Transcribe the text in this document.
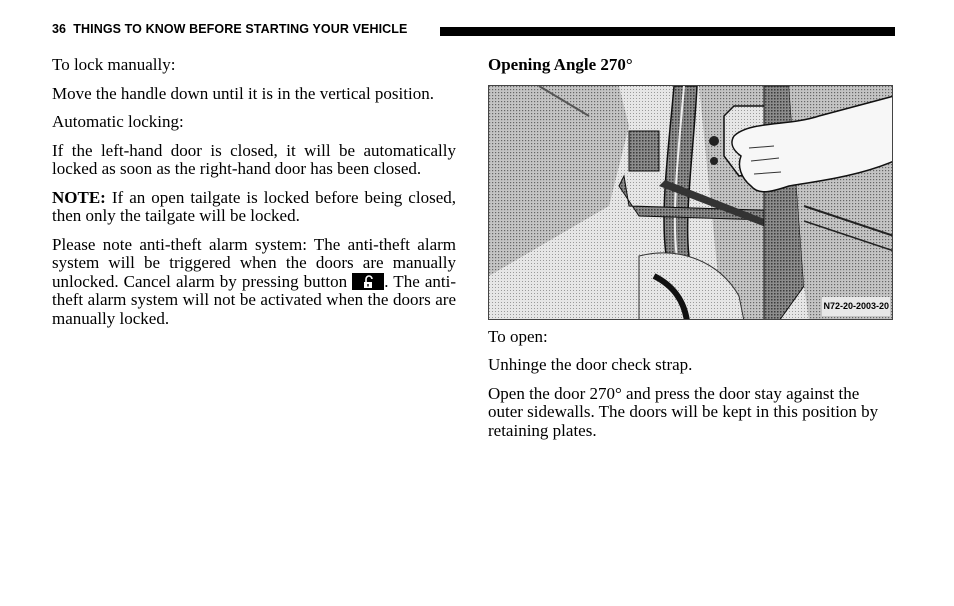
36 THINGS TO KNOW BEFORE STARTING YOUR VEHICLE

To lock manually:

Move the handle down until it is in the vertical position.

Automatic locking:

If the left-hand door is closed, it will be automatically locked as soon as the right-hand door has been closed.

NOTE: If an open tailgate is locked before being closed, then only the tailgate will be locked.

Please note anti-theft alarm system: The anti-theft alarm system will be triggered when the doors are manually unlocked. Cancel alarm by pressing button . The anti-theft alarm system will not be activated when the doors are manually locked.

Opening Angle 270°

N72-20-2003-20

To open:

Unhinge the door check strap.

Open the door 270° and press the door stay against the outer sidewalls. The doors will be kept in this position by retaining plates.
